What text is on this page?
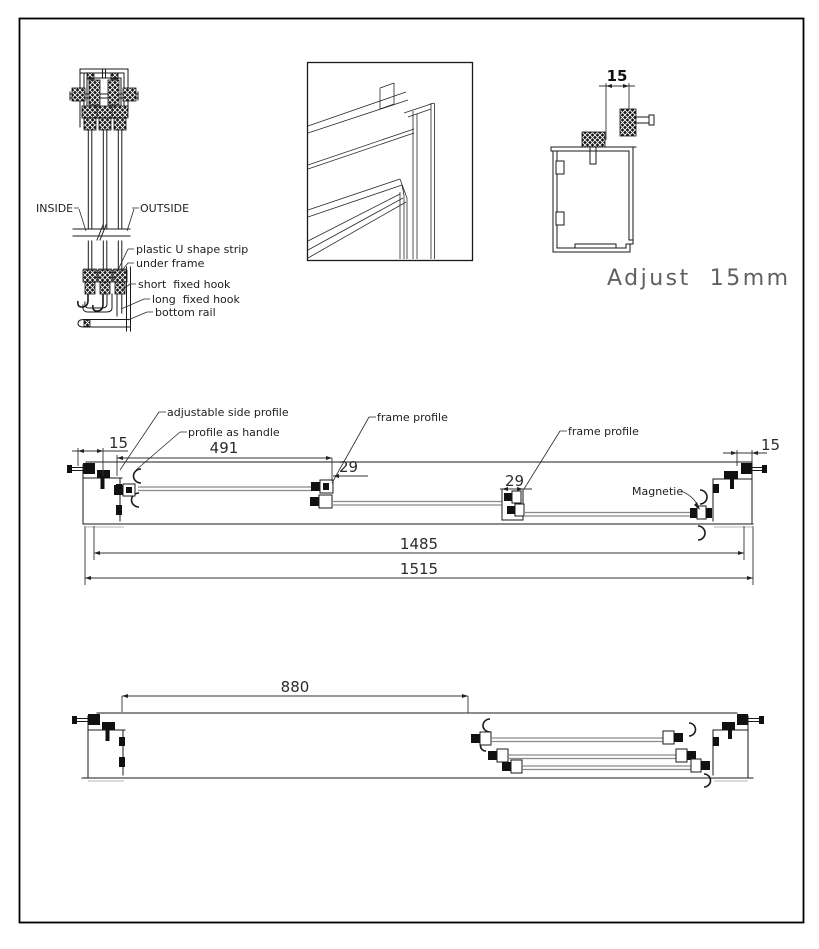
INSIDE	OUTSIDE
plastic U shape strip
under frame
short  fixed hook
long  fixed hook
bottom rail
15
Adjust  15mm
15	491
29
29
15
1485
1515
adjustable side profile
profile as handle
frame profile
frame profile
Magnetie
880
